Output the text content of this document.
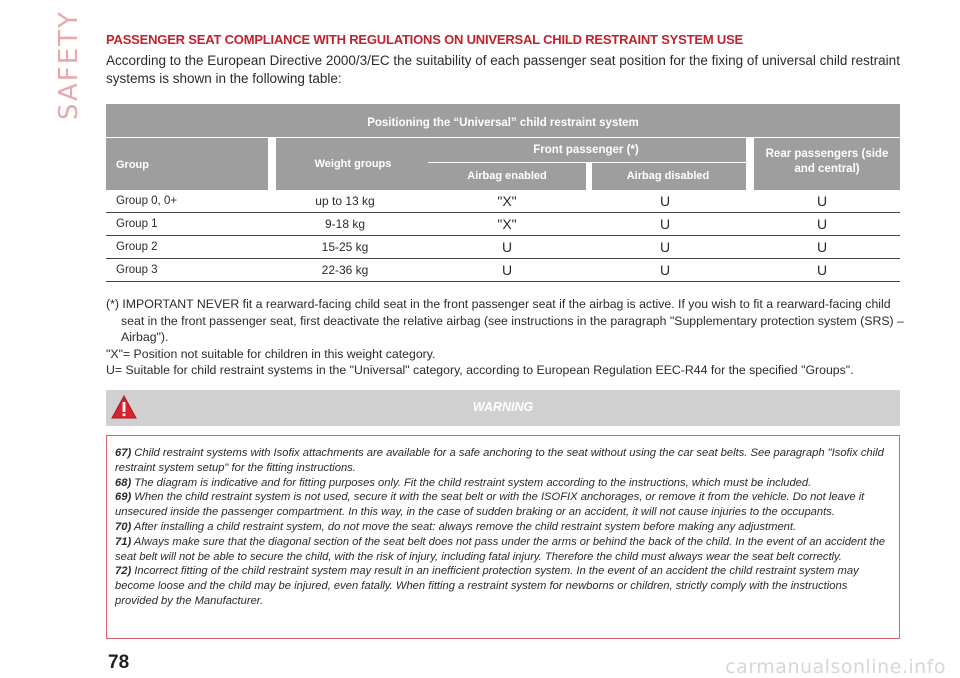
SAFETY PASSENGER SEAT COMPLIANCE WITH REGULATIONS ON UNIVERSAL CHILD RESTRAINT SYSTEM USE
According to the European Directive 2000/3/EC the suitability of each passenger seat position for the fixing of universal child restraint systems is shown in the following table:
Positioning the “Universal” child restraint system
Group	Weight groups
Front passenger (*)
Airbag enabled	Airbag disabled
Rear passengers (side and central)
Group 0, 0+	up to 13 kg	"X"	U	U
Group 1	9-18 kg	"X"	U	U
Group 2	15-25 kg	U	U	U
Group 3	22-36 kg	U	U	U

(*) IMPORTANT NEVER fit a rearward-facing child seat in the front passenger seat if the airbag is active. If you wish to fit a rearward-facing child seat in the front passenger seat, first deactivate the relative airbag (see instructions in the paragraph "Supplementary protection system (SRS) – Airbag").

"X"= Position not suitable for children in this weight category.

U= Suitable for child restraint systems in the "Universal" category, according to European Regulation EEC-R44 for the specified "Groups".

WARNING

67) Child restraint systems with Isofix attachments are available for a safe anchoring to the seat without using the car seat belts. See paragraph "Isofix child restraint system setup" for the fitting instructions.

68) The diagram is indicative and for fitting purposes only. Fit the child restraint system according to the instructions, which must be included.

69) When the child restraint system is not used, secure it with the seat belt or with the ISOFIX anchorages, or remove it from the vehicle. Do not leave it unsecured inside the passenger compartment. In this way, in the case of sudden braking or an accident, it will not cause injuries to the occupants.

70) After installing a child restraint system, do not move the seat: always remove the child restraint system before making any adjustment.

71) Always make sure that the diagonal section of the seat belt does not pass under the arms or behind the back of the child. In the event of an accident the seat belt will not be able to secure the child, with the risk of injury, including fatal injury. Therefore the child must always wear the seat belt correctly.

72) Incorrect fitting of the child restraint system may result in an inefficient protection system. In the event of an accident the child restraint system may become loose and the child may be injured, even fatally. When fitting a restraint system for newborns or children, strictly comply with the instructions provided by the Manufacturer.

78	carmanualsonline.info
